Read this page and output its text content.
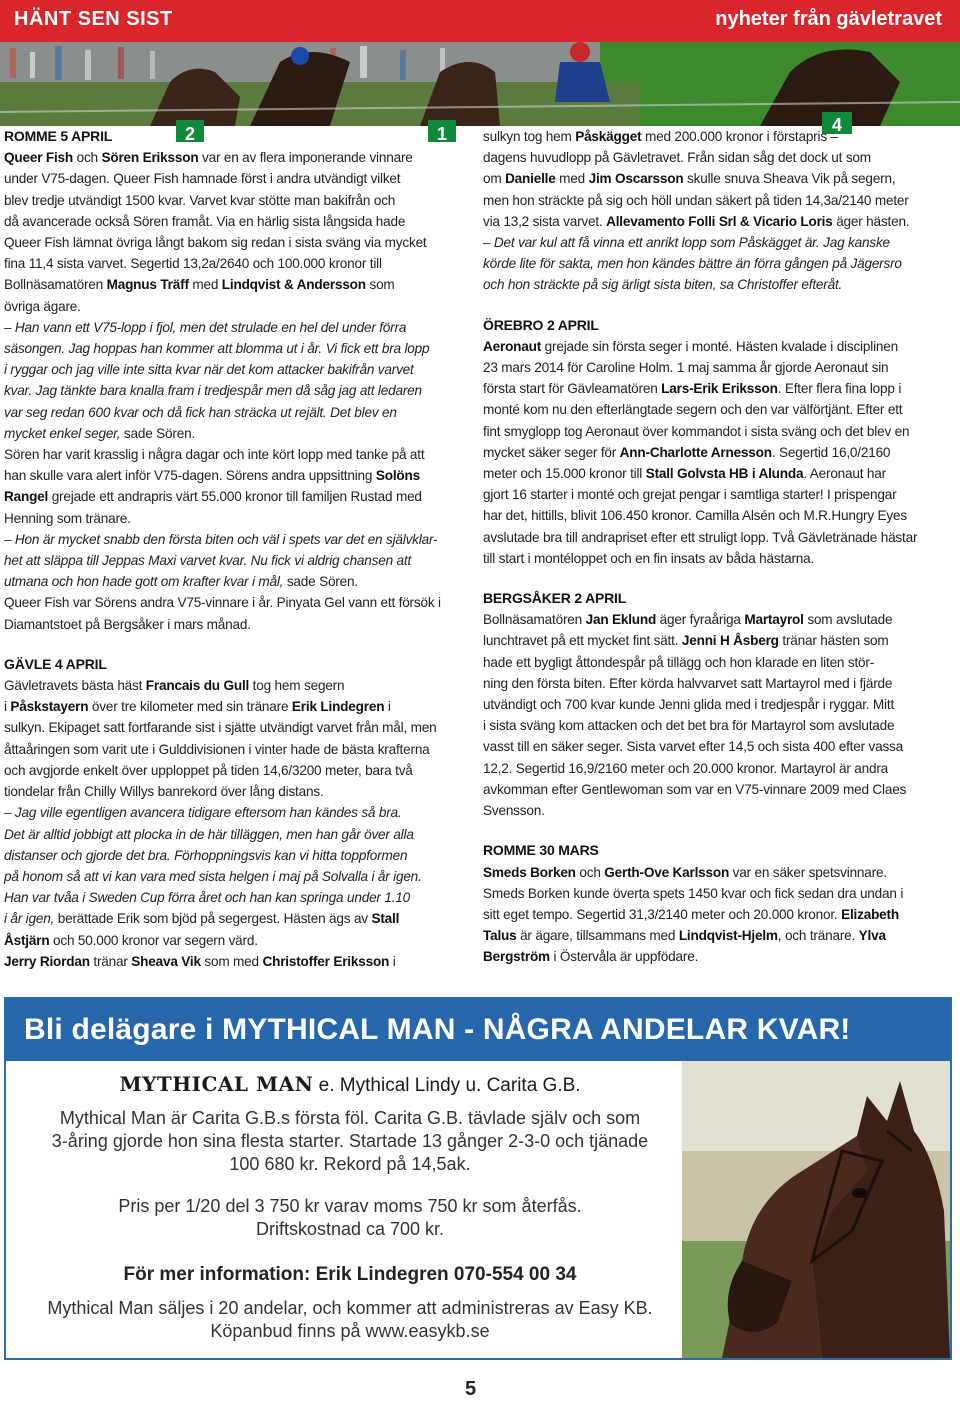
HÄNT SEN SIST	nyheter från gävletravet
2	1	4
ROMME 5 APRIL

Queer Fish och Sören Eriksson var en av flera imponerande vinnare

under V75-dagen. Queer Fish hamnade först i andra utvändigt vilket

blev tredje utvändigt 1500 kvar. Varvet kvar stötte man bakifrån och

då avancerade också Sören framåt. Via en härlig sista långsida hade

Queer Fish lämnat övriga långt bakom sig redan i sista sväng via mycket

fina 11,4 sista varvet. Segertid 13,2a/2640 och 100.000 kronor till

Bollnäsamatören Magnus Träff med Lindqvist & Andersson som

övriga ägare.

– Han vann ett V75-lopp i fjol, men det strulade en hel del under förra

säsongen. Jag hoppas han kommer att blomma ut i år. Vi fick ett bra lopp

i ryggar och jag ville inte sitta kvar när det kom attacker bakifrån varvet

kvar. Jag tänkte bara knalla fram i tredjespår men då såg jag att ledaren

var seg redan 600 kvar och då fick han sträcka ut rejält. Det blev en

mycket enkel seger, sade Sören.

Sören har varit krasslig i några dagar och inte kört lopp med tanke på att

han skulle vara alert inför V75-dagen. Sörens andra uppsittning Solöns

Rangel grejade ett andrapris värt 55.000 kronor till familjen Rustad med

Henning som tränare.

– Hon är mycket snabb den första biten och väl i spets var det en självklar-

het att släppa till Jeppas Maxi varvet kvar. Nu fick vi aldrig chansen att

utmana och hon hade gott om krafter kvar i mål, sade Sören.

Queer Fish var Sörens andra V75-vinnare i år. Pinyata Gel vann ett försök i

Diamantstoet på Bergsåker i mars månad.

GÄVLE 4 APRIL

Gävletravets bästa häst Francais du Gull tog hem segern

i Påskstayern över tre kilometer med sin tränare Erik Lindegren i

sulkyn. Ekipaget satt fortfarande sist i sjätte utvändigt varvet från mål, men

åttaåringen som varit ute i Gulddivisionen i vinter hade de bästa krafterna

och avgjorde enkelt över upploppet på tiden 14,6/3200 meter, bara två

tiondelar från Chilly Willys banrekord över lång distans.

– Jag ville egentligen avancera tidigare eftersom han kändes så bra.

Det är alltid jobbigt att plocka in de här tilläggen, men han går över alla

distanser och gjorde det bra. Förhoppningsvis kan vi hitta toppformen

på honom så att vi kan vara med sista helgen i maj på Solvalla i år igen.

Han var tvåa i Sweden Cup förra året och han kan springa under 1.10

i år igen, berättade Erik som bjöd på segergest. Hästen ägs av Stall

Åstjärn och 50.000 kronor var segern värd.

Jerry Riordan tränar Sheava Vik som med Christoffer Eriksson i

sulkyn tog hem Påskägget med 200.000 kronor i förstapris –

dagens huvudlopp på Gävletravet. Från sidan såg det dock ut som

om Danielle med Jim Oscarsson skulle snuva Sheava Vik på segern,

men hon sträckte på sig och höll undan säkert på tiden 14,3a/2140 meter

via 13,2 sista varvet. Allevamento Folli Srl & Vicario Loris äger hästen.

– Det var kul att få vinna ett anrikt lopp som Påskägget är. Jag kanske

körde lite för sakta, men hon kändes bättre än förra gången på Jägersro

och hon sträckte på sig ärligt sista biten, sa Christoffer efteråt.

ÖREBRO 2 APRIL

Aeronaut grejade sin första seger i monté. Hästen kvalade i disciplinen

23 mars 2014 för Caroline Holm. 1 maj samma år gjorde Aeronaut sin

första start för Gävleamatören Lars-Erik Eriksson. Efter flera fina lopp i

monté kom nu den efterlängtade segern och den var välförtjänt. Efter ett

fint smyglopp tog Aeronaut över kommandot i sista sväng och det blev en

mycket säker seger för Ann-Charlotte Arnesson. Segertid 16,0/2160

meter och 15.000 kronor till Stall Golvsta HB i Alunda. Aeronaut har

gjort 16 starter i monté och grejat pengar i samtliga starter! I prispengar

har det, hittills, blivit 106.450 kronor. Camilla Alsén och M.R.Hungry Eyes

avslutade bra till andrapriset efter ett struligt lopp. Två Gävletränade hästar

till start i montéloppet och en fin insats av båda hästarna.

BERGSÅKER 2 APRIL

Bollnäsamatören Jan Eklund äger fyraåriga Martayrol som avslutade

lunchtravet på ett mycket fint sätt. Jenni H Åsberg tränar hästen som

hade ett bygligt åttondespår på tillägg och hon klarade en liten stör-

ning den första biten. Efter körda halvvarvet satt Martayrol med i fjärde

utvändigt och 700 kvar kunde Jenni glida med i tredjespår i ryggar. Mitt

i sista sväng kom attacken och det bet bra för Martayrol som avslutade

vasst till en säker seger. Sista varvet efter 14,5 och sista 400 efter vassa

12,2. Segertid 16,9/2160 meter och 20.000 kronor. Martayrol är andra

avkomman efter Gentlewoman som var en V75-vinnare 2009 med Claes

Svensson.

ROMME 30 MARS

Smeds Borken och Gerth-Ove Karlsson var en säker spetsvinnare.

Smeds Borken kunde överta spets 1450 kvar och fick sedan dra undan i

sitt eget tempo. Segertid 31,3/2140 meter och 20.000 kronor. Elizabeth

Talus är ägare, tillsammans med Lindqvist-Hjelm, och tränare. Ylva

Bergström i Östervåla är uppfödare.

Bli delägare i MYTHICAL MAN - NÅGRA ANDELAR KVAR!
MYTHICAL MAN e. Mythical Lindy u. Carita G.B.
Mythical Man är Carita G.B.s första föl. Carita G.B. tävlade själv och som
3-åring gjorde hon sina flesta starter. Startade 13 gånger 2-3-0 och tjänade
100 680 kr. Rekord på 14,5ak.
Pris per 1/20 del 3 750 kr varav moms 750 kr som återfås.
Driftskostnad ca 700 kr.
För mer information: Erik Lindegren 070-554 00 34
Mythical Man säljes i 20 andelar, och kommer att administreras av Easy KB.
Köpanbud finns på www.easykb.se
5
